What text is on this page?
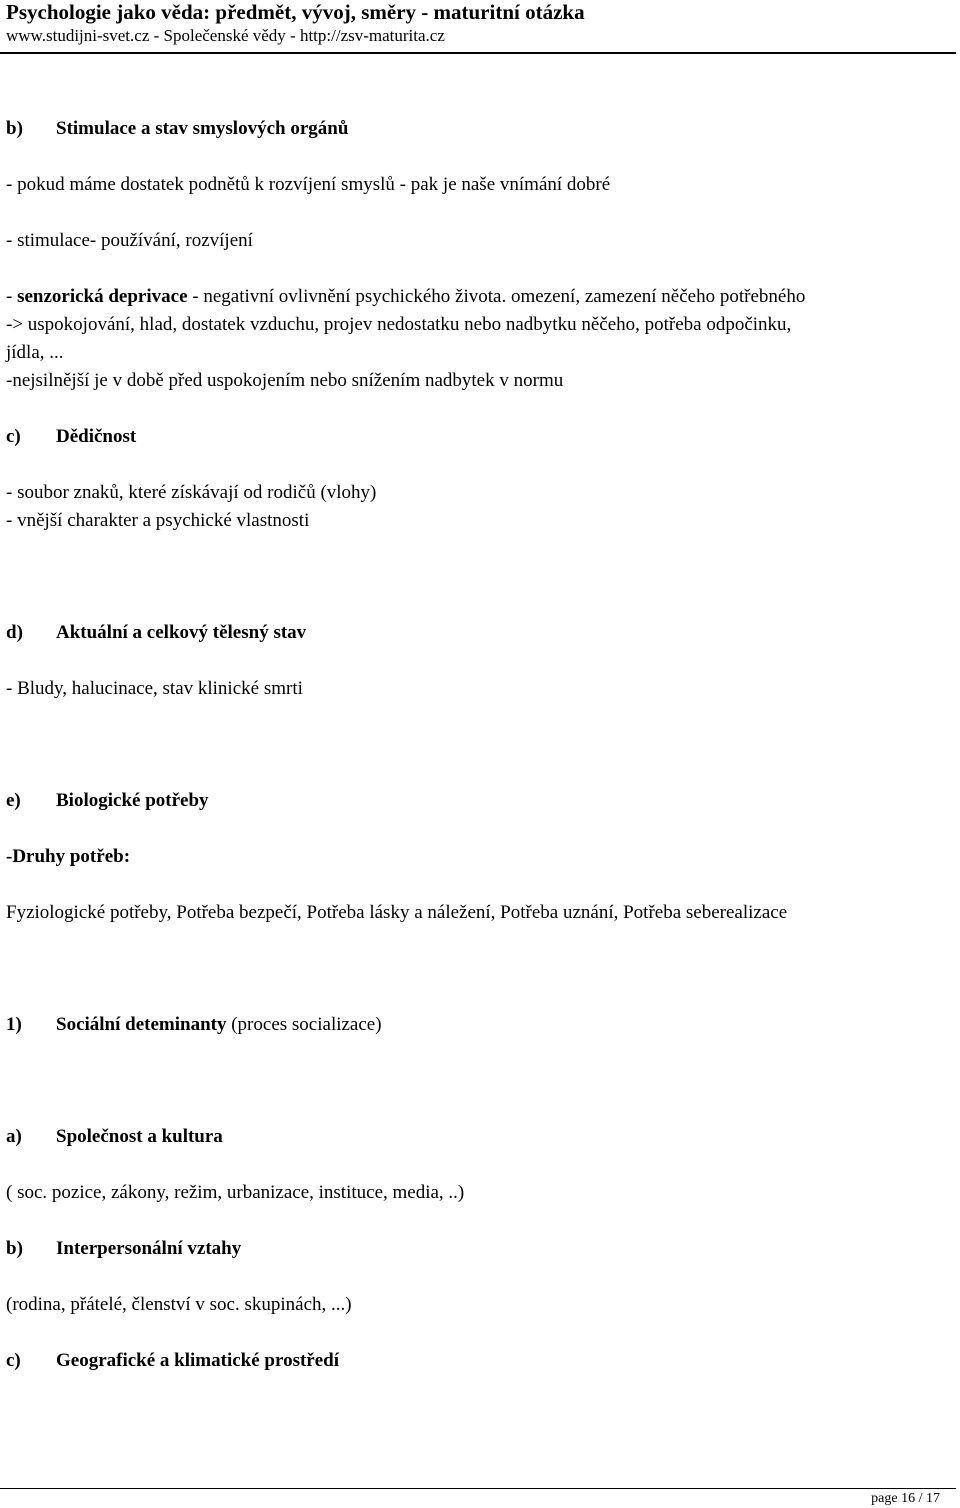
Psychologie jako věda: předmět, vývoj, směry - maturitní otázka
www.studijni-svet.cz - Společenské vědy - http://zsv-maturita.cz
b) Stimulace a stav smyslových orgánů
- pokud máme dostatek podnětů k rozvíjení smyslů - pak je naše vnímání dobré
- stimulace- používání, rozvíjení
- senzorická deprivace - negativní ovlivnění psychického života. omezení, zamezení něčeho potřebného
-> uspokojování, hlad, dostatek vzduchu, projev nedostatku nebo nadbytku něčeho, potřeba odpočinku,
jídla, ...
-nejsilnější je v době před uspokojením nebo snížením nadbytek v normu
c) Dědičnost
- soubor znaků, které získávají od rodičů (vlohy)
- vnější charakter a psychické vlastnosti
d) Aktuální a celkový tělesný stav
- Bludy, halucinace, stav klinické smrti
e) Biologické potřeby
-Druhy potřeb:
Fyziologické potřeby, Potřeba bezpečí, Potřeba lásky a náležení, Potřeba uznání, Potřeba seberealizace
1) Sociální deteminanty (proces socializace)
a) Společnost a kultura
( soc. pozice, zákony, režim, urbanizace, instituce, media, ..)
b) Interpersonální vztahy
(rodina, přátelé, členství v soc. skupinách, ...)
c) Geografické a klimatické prostředí
page 16 / 17
